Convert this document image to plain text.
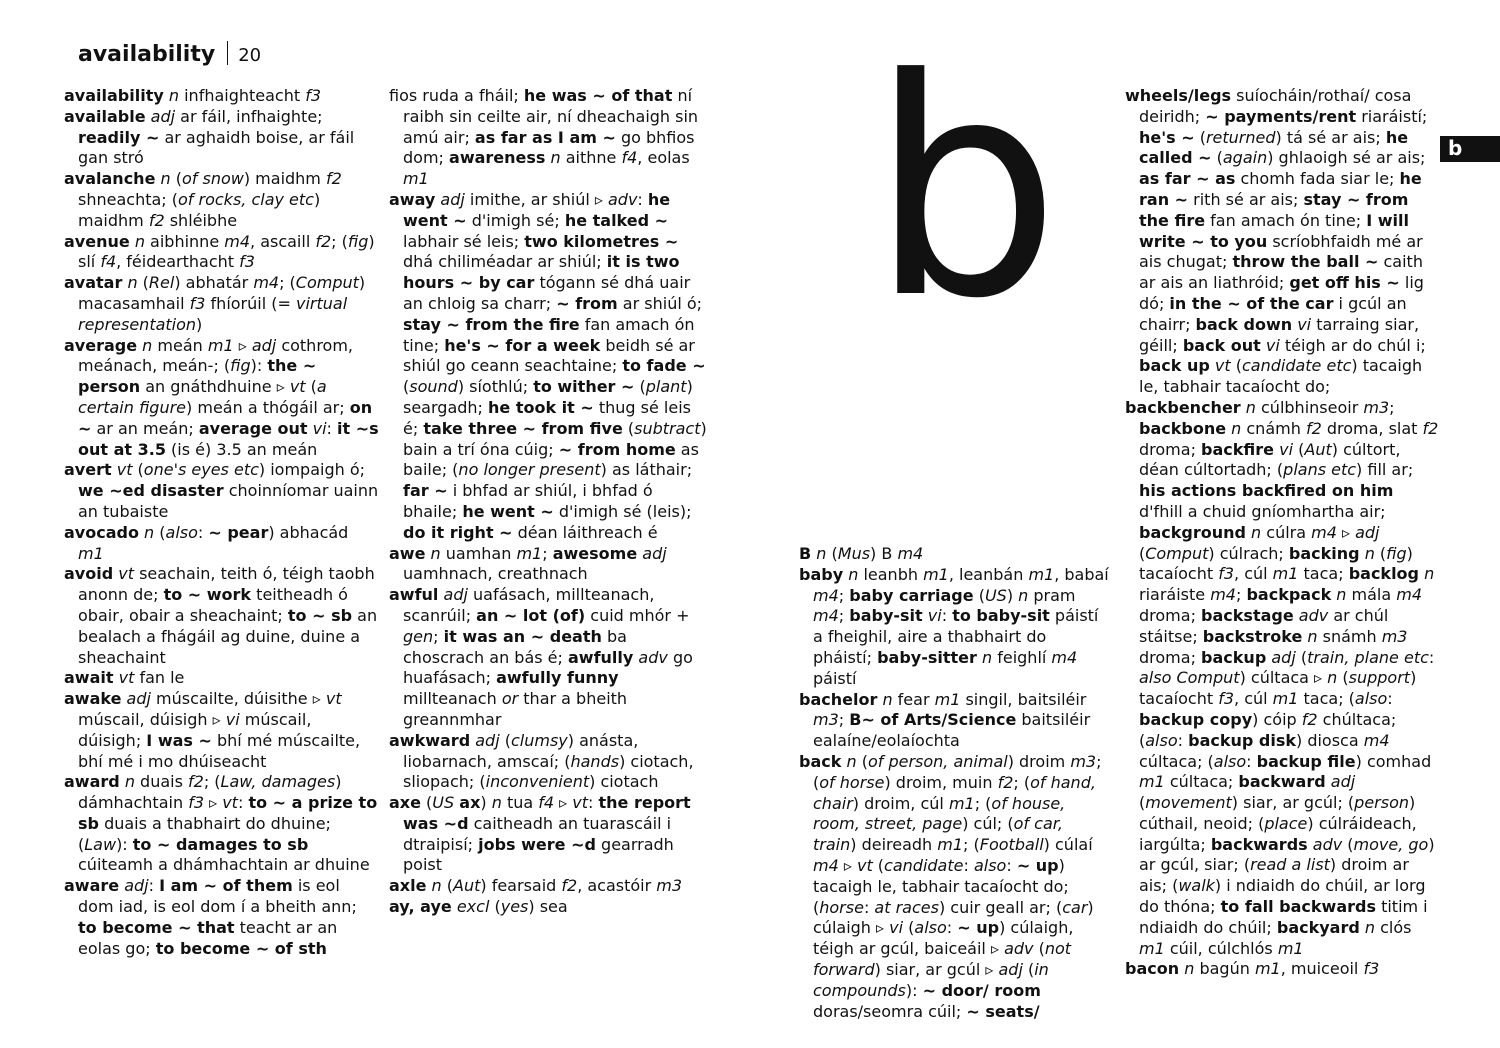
availability 20

availability n infhaighteacht f3

available adj ar fáil, infhaighte; readily ~ ar aghaidh boise, ar fáil gan stró

avalanche n (of snow) maidhm f2 shneachta; (of rocks, clay etc) maidhm f2 shléibhe

avenue n aibhinne m4, ascaill f2; (fig) slí f4, féidearthacht f3

avatar n (Rel) abhatár m4; (Comput) macasamhail f3 fhíorúil (= virtual representation)

average n meán m1 ▹ adj cothrom, meánach, meán-; (fig): the ~ person an gnáthdhuine ▹ vt (a certain figure) meán a thógáil ar; on ~ ar an meán; average out vi: it ~s out at 3.5 (is é) 3.5 an meán

avert vt (one's eyes etc) iompaigh ó; we ~ed disaster choinníomar uainn an tubaiste

avocado n (also: ~ pear) abhacád m1

avoid vt seachain, teith ó, téigh taobh anonn de; to ~ work teitheadh ó obair, obair a sheachaint; to ~ sb an bealach a fhágáil ag duine, duine a sheachaint

await vt fan le

awake adj múscailte, dúisithe ▹ vt múscail, dúisigh ▹ vi múscail, dúisigh; I was ~ bhí mé múscailte, bhí mé i mo dhúiseacht

award n duais f2; (Law, damages) dámhachtain f3 ▹ vt: to ~ a prize to sb duais a thabhairt do dhuine; (Law): to ~ damages to sb cúiteamh a dhámhachtain ar dhuine

aware adj: I am ~ of them is eol dom iad, is eol dom í a bheith ann; to become ~ that teacht ar an eolas go; to become ~ of sth

fios ruda a fháil; he was ~ of that ní raibh sin ceilte air, ní dheachaigh sin amú air; as far as I am ~ go bhfios dom; awareness n aithne f4, eolas m1

away adj imithe, ar shiúl ▹ adv: he went ~ d'imigh sé; he talked ~ labhair sé leis; two kilometres ~ dhá chiliméadar ar shiúl; it is two hours ~ by car tógann sé dhá uair an chloig sa charr; ~ from ar shiúl ó; stay ~ from the fire fan amach ón tine; he's ~ for a week beidh sé ar shiúl go ceann seachtaine; to fade ~ (sound) síothlú; to wither ~ (plant) seargadh; he took it ~ thug sé leis é; take three ~ from five (subtract) bain a trí óna cúig; ~ from home as baile; (no longer present) as láthair; far ~ i bhfad ar shiúl, i bhfad ó bhaile; he went ~ d'imigh sé (leis); do it right ~ déan láithreach é

awe n uamhan m1; awesome adj uamhnach, creathnach

awful adj uafásach, millteanach, scanrúil; an ~ lot (of) cuid mhór + gen; it was an ~ death ba choscrach an bás é; awfully adv go huafásach; awfully funny millteanach or thar a bheith greannmhar

awkward adj (clumsy) anásta, liobarnach, amscaí; (hands) ciotach, sliopach; (inconvenient) ciotach

axe (US ax) n tua f4 ▹ vt: the report was ~d caitheadh an tuarascáil i dtraipisí; jobs were ~d gearradh poist

axle n (Aut) fearsaid f2, acastóir m3

ay, aye excl (yes) sea

b

B n (Mus) B m4

baby n leanbh m1, leanbán m1, babaí m4; baby carriage (US) n pram m4; baby-sit vi: to baby-sit páistí a fheighil, aire a thabhairt do pháistí; baby-sitter n feighlí m4 páistí

bachelor n fear m1 singil, baitsiléir m3; B~ of Arts/Science baitsiléir ealaíne/eolaíochta

back n (of person, animal) droim m3; (of horse) droim, muin f2; (of hand, chair) droim, cúl m1; (of house, room, street, page) cúl; (of car, train) deireadh m1; (Football) cúlaí m4 ▹ vt (candidate: also: ~ up) tacaigh le, tabhair tacaíocht do; (horse: at races) cuir geall ar; (car) cúlaigh ▹ vi (also: ~ up) cúlaigh, téigh ar gcúl, baiceáil ▹ adv (not forward) siar, ar gcúl ▹ adj (in compounds): ~ door/ room doras/seomra cúil; ~ seats/

wheels/legs suíocháin/rothaí/ cosa deiridh; ~ payments/rent riaráistí; he's ~ (returned) tá sé ar ais; he called ~ (again) ghlaoigh sé ar ais; as far ~ as chomh fada siar le; he ran ~ rith sé ar ais; stay ~ from the fire fan amach ón tine; I will write ~ to you scríobhfaidh mé ar ais chugat; throw the ball ~ caith ar ais an liathróid; get off his ~ lig dó; in the ~ of the car i gcúl an chairr; back down vi tarraing siar, géill; back out vi téigh ar do chúl i; back up vt (candidate etc) tacaigh le, tabhair tacaíocht do;

backbencher n cúlbhinseoir m3; backbone n cnámh f2 droma, slat f2 droma; backfire vi (Aut) cúltort, déan cúltortadh; (plans etc) fill ar; his actions backfired on him d'fhill a chuid gníomhartha air; background n cúlra m4 ▹ adj (Comput) cúlrach; backing n (fig) tacaíocht f3, cúl m1 taca; backlog n riaráiste m4; backpack n mála m4 droma; backstage adv ar chúl stáitse; backstroke n snámh m3 droma; backup adj (train, plane etc: also Comput) cúltaca ▹ n (support) tacaíocht f3, cúl m1 taca; (also: backup copy) cóip f2 chúltaca; (also: backup disk) diosca m4 cúltaca; (also: backup file) comhad m1 cúltaca; backward adj (movement) siar, ar gcúl; (person) cúthail, neoid; (place) cúlráideach, iargúlta; backwards adv (move, go) ar gcúl, siar; (read a list) droim ar ais; (walk) i ndiaidh do chúil, ar lorg do thóna; to fall backwards titim i ndiaidh do chúil; backyard n clós m1 cúil, cúlchlós m1

bacon n bagún m1, muiceoil f3

b
